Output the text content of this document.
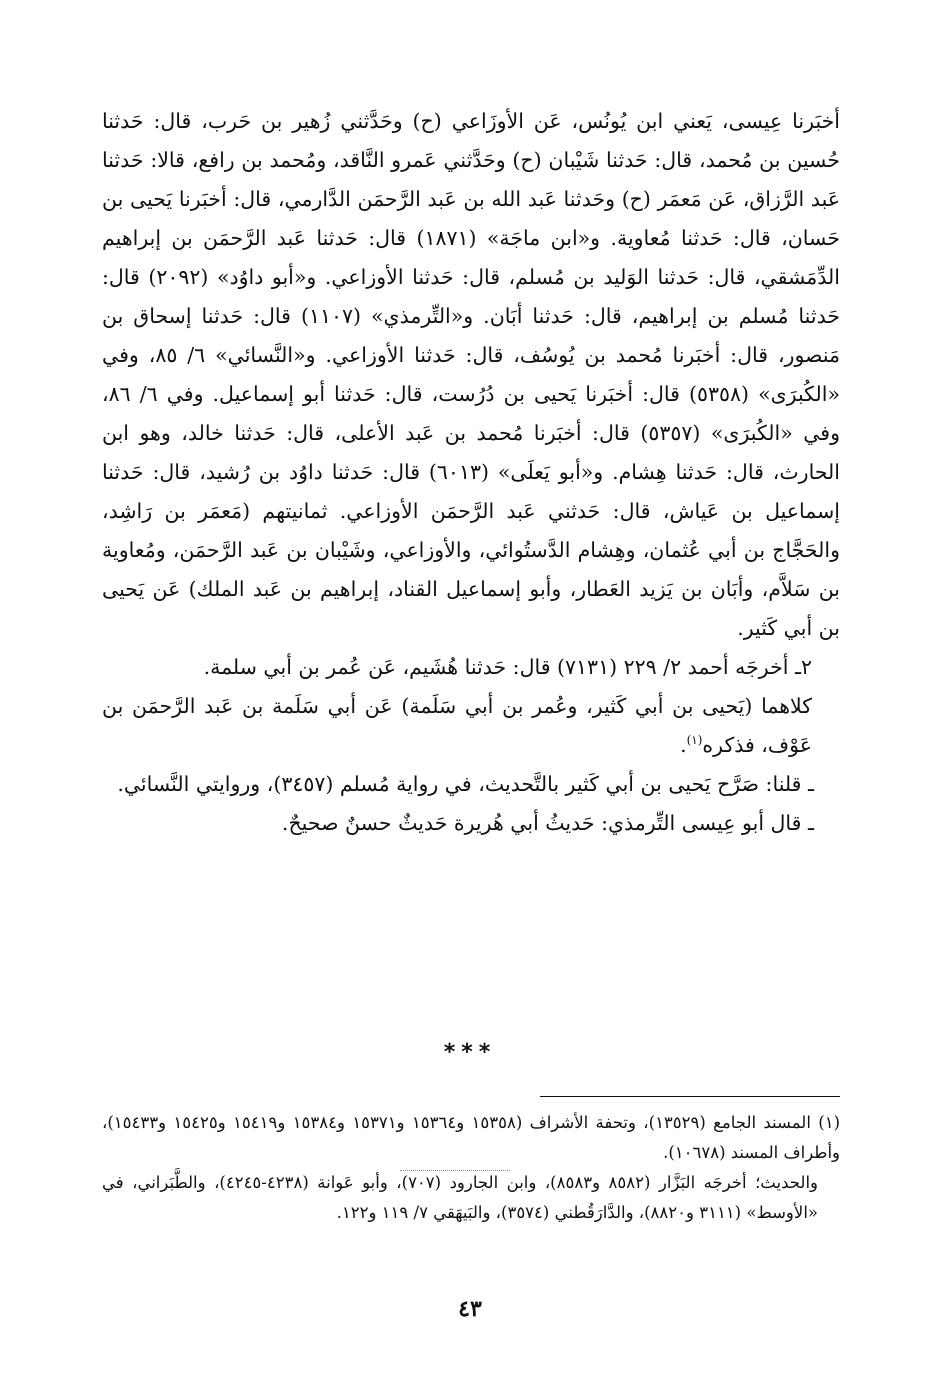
أخبَرنا عِيسى، يَعني ابن يُونُس، عَن الأوزَاعي (ح) وحَدَّثني زُهير بن حَرب، قال: حَدثنا حُسين بن مُحمد، قال: حَدثنا شَيْبان (ح) وحَدَّثني عَمرو النَّاقد، ومُحمد بن رافع، قالا: حَدثنا عَبد الرَّزاق، عَن مَعمَر (ح) وحَدثنا عَبد الله بن عَبد الرَّحمَن الدَّارمي، قال: أخبَرنا يَحيى بن حَسان، قال: حَدثنا مُعاوية. و«ابن ماجَة» (١٨٧١) قال: حَدثنا عَبد الرَّحمَن بن إبراهيم الدِّمَشقي، قال: حَدثنا الوَليد بن مُسلم، قال: حَدثنا الأوزاعي. و«أبو داوُد» (٢٠٩٢) قال: حَدثنا مُسلم بن إبراهيم، قال: حَدثنا أبَان. و«التِّرمذي» (١١٠٧) قال: حَدثنا إسحاق بن مَنصور، قال: أخبَرنا مُحمد بن يُوسُف، قال: حَدثنا الأوزاعي. و«النَّسائي» ٦/ ٨٥، وفي «الكُبرَى» (٥٣٥٨) قال: أخبَرنا يَحيى بن دُرُست، قال: حَدثنا أبو إسماعيل. وفي ٦/ ٨٦، وفي «الكُبرَى» (٥٣٥٧) قال: أخبَرنا مُحمد بن عَبد الأعلى، قال: حَدثنا خالد، وهو ابن الحارث، قال: حَدثنا هِشام. و«أبو يَعلَى» (٦٠١٣) قال: حَدثنا داوُد بن رُشيد، قال: حَدثنا إسماعيل بن عَياش، قال: حَدثني عَبد الرَّحمَن الأوزاعي. ثمانيتهم (مَعمَر بن رَاشِد، والحَجَّاج بن أبي عُثمان، وهِشام الدَّستُوائي، والأوزاعي، وشَيْبان بن عَبد الرَّحمَن، ومُعاوية بن سَلاَّم، وأبَان بن يَزيد العَطار، وأبو إسماعيل القناد، إبراهيم بن عَبد الملك) عَن يَحيى بن أبي كَثير.

٢ـ أخرجَه أحمد ٢/ ٢٢٩ (٧١٣١) قال: حَدثنا هُشَيم، عَن عُمر بن أبي سلمة.

كلاهما (يَحيى بن أبي كَثير، وعُمر بن أبي سَلَمة) عَن أبي سَلَمة بن عَبد الرَّحمَن بن عَوْف، فذكره$^{(١)}$.

ـ قلنا: صَرَّح يَحيى بن أبي كَثير بالتَّحديث، في رواية مُسلم (٣٤٥٧)، وروايتي النَّسائي.

ـ قال أبو عِيسى التِّرمذي: حَديثُ أبي هُريرة حَديثٌ حسنٌ صحيحٌ.

***

(١) المسند الجامع (١٣٥٢٩)، وتحفة الأشراف (١٥٣٥٨ و١٥٣٦٤ و١٥٣٧١ و١٥٣٨٤ و١٥٤١٩ و١٥٤٢٥ و١٥٤٣٣)، وأطراف المسند (١٠٦٧٨).

والحديث؛ أخرجَه البَزَّار (٨٥٨٢ و٨٥٨٣)، وابن الجارود (٧٠٧)، وأبو عَوانة (٤٢٣٨-٤٢٤٥)، والطَّبَراني، في «الأوسط» (٣١١١ و٨٨٢٠)، والدَّارَقُطني (٣٥٧٤)، والبَيهَقي ٧/ ١١٩ و١٢٢.

٤٣
